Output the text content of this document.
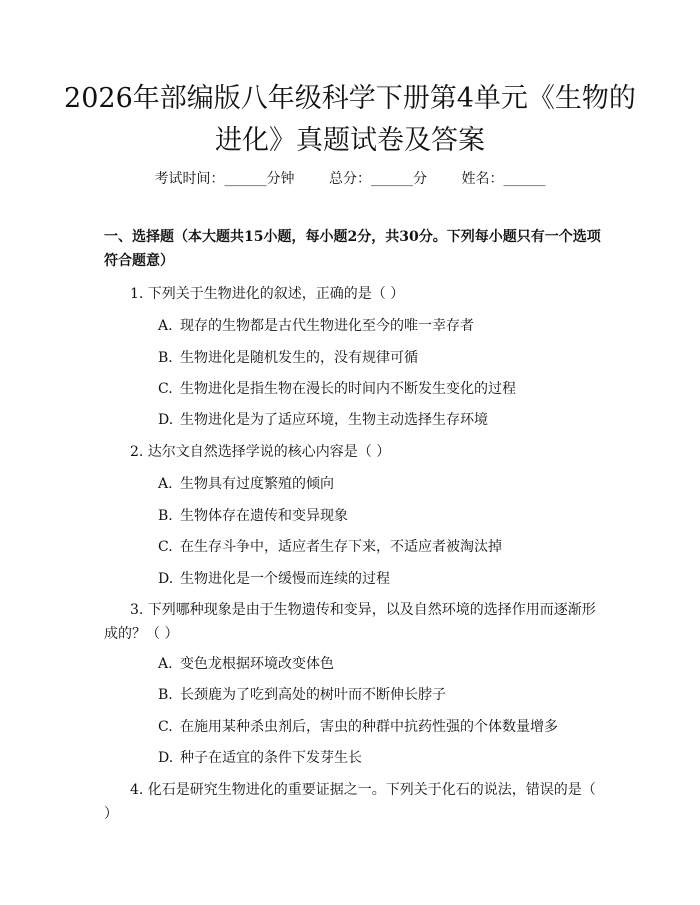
2026年部编版八年级科学下册第4单元《生物的进化》真题试卷及答案
考试时间：______分钟 总分：______分 姓名：______

一、选择题（本大题共15小题，每小题2分，共30分。下列每小题只有一个选项符合题意）

1. 下列关于生物进化的叙述，正确的是（ ）

A. 现存的生物都是古代生物进化至今的唯一幸存者

B. 生物进化是随机发生的，没有规律可循

C. 生物进化是指生物在漫长的时间内不断发生变化的过程

D. 生物进化是为了适应环境，生物主动选择生存环境

2. 达尔文自然选择学说的核心内容是（ ）

A. 生物具有过度繁殖的倾向

B. 生物体存在遗传和变异现象

C. 在生存斗争中，适应者生存下来，不适应者被淘汰掉

D. 生物进化是一个缓慢而连续的过程

3. 下列哪种现象是由于生物遗传和变异，以及自然环境的选择作用而逐渐形成的？（ ）

A. 变色龙根据环境改变体色

B. 长颈鹿为了吃到高处的树叶而不断伸长脖子

C. 在施用某种杀虫剂后，害虫的种群中抗药性强的个体数量增多

D. 种子在适宜的条件下发芽生长

4. 化石是研究生物进化的重要证据之一。下列关于化石的说法，错误的是（ ）
